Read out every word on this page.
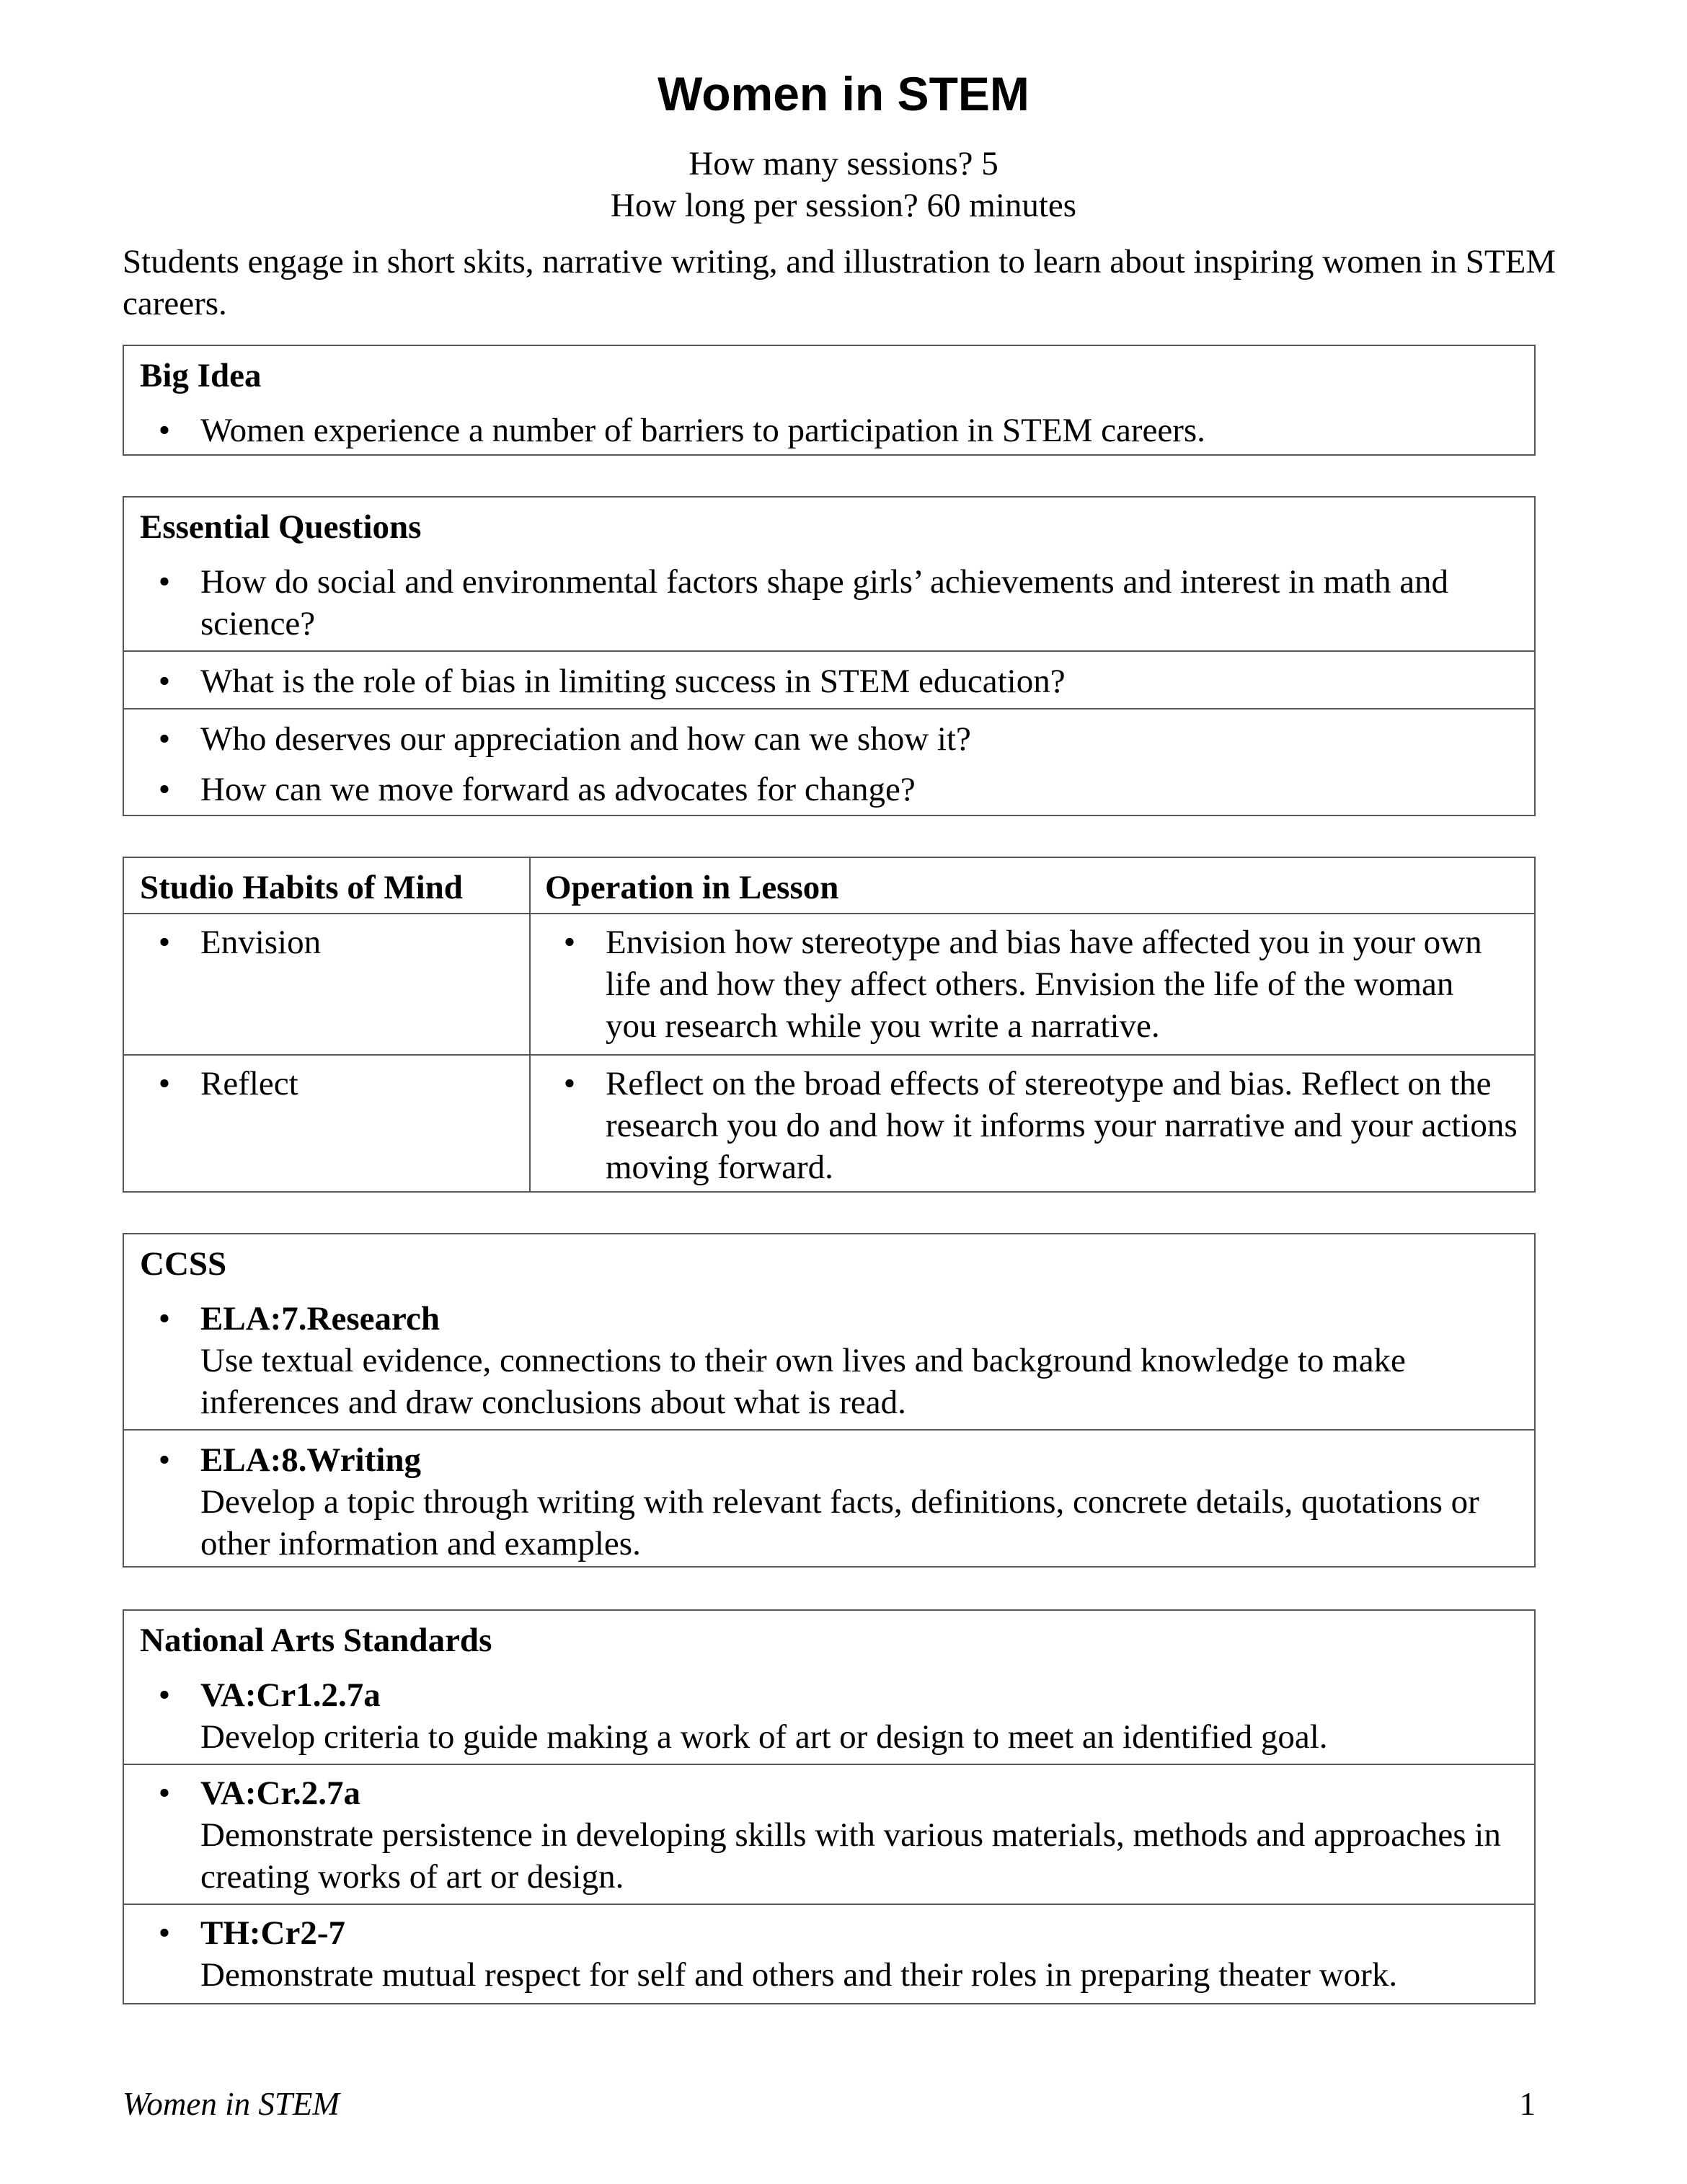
Women in STEM
How many sessions? 5
How long per session? 60 minutes

Students engage in short skits, narrative writing, and illustration to learn about inspiring women in STEM careers.

Big Idea
• Women experience a number of barriers to participation in STEM careers.
Essential Questions
• How do social and environmental factors shape girls’ achievements and interest in math and science?
• What is the role of bias in limiting success in STEM education?
• Who deserves our appreciation and how can we show it?
• How can we move forward as advocates for change?
Studio Habits of Mind	Operation in Lesson
• Envision	• Envision how stereotype and bias have affected you in your own life and how they affect others. Envision the life of the woman you research while you write a narrative.
• Reflect	• Reflect on the broad effects of stereotype and bias. Reflect on the research you do and how it informs your narrative and your actions moving forward.
CCSS
• ELA:7.Research
Use textual evidence, connections to their own lives and background knowledge to make inferences and draw conclusions about what is read.
• ELA:8.Writing
Develop a topic through writing with relevant facts, definitions, concrete details, quotations or other information and examples.
National Arts Standards
• VA:Cr1.2.7a
Develop criteria to guide making a work of art or design to meet an identified goal.
• VA:Cr.2.7a
Demonstrate persistence in developing skills with various materials, methods and approaches in creating works of art or design.
• TH:Cr2-7
Demonstrate mutual respect for self and others and their roles in preparing theater work.
Women in STEM	1
